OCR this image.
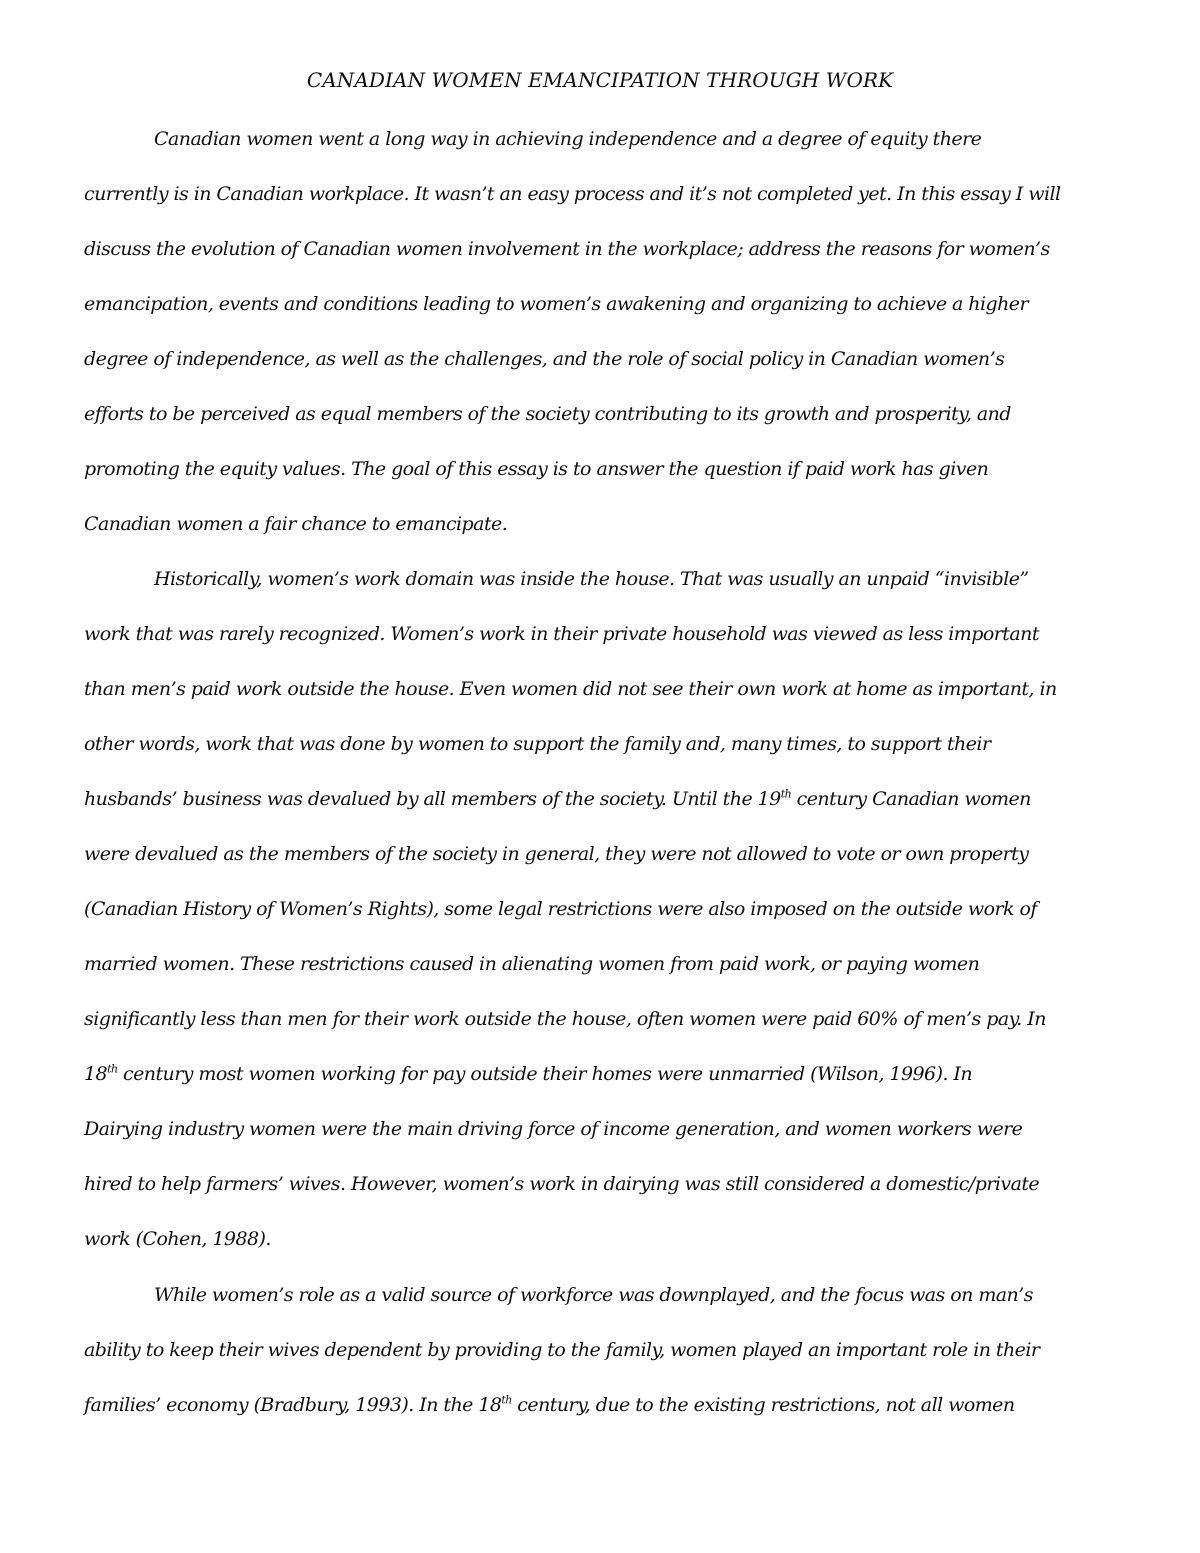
CANADIAN WOMEN EMANCIPATION THROUGH WORK

Canadian women went a long way in achieving independence and a degree of equity there

currently is in Canadian workplace. It wasn’t an easy process and it’s not completed yet. In this essay I will

discuss the evolution of Canadian women involvement in the workplace; address the reasons for women’s

emancipation, events and conditions leading to women’s awakening and organizing to achieve a higher

degree of independence, as well as the challenges, and the role of social policy in Canadian women’s

efforts to be perceived as equal members of the society contributing to its growth and prosperity, and

promoting the equity values. The goal of this essay is to answer the question if paid work has given

Canadian women a fair chance to emancipate.

Historically, women’s work domain was inside the house. That was usually an unpaid “invisible”

work that was rarely recognized. Women’s work in their private household was viewed as less important

than men’s paid work outside the house. Even women did not see their own work at home as important, in

other words, work that was done by women to support the family and, many times, to support their

husbands’ business was devalued by all members of the society. Until the 19th century Canadian women

were devalued as the members of the society in general, they were not allowed to vote or own property

(Canadian History of Women’s Rights), some legal restrictions were also imposed on the outside work of

married women. These restrictions caused in alienating women from paid work, or paying women

significantly less than men for their work outside the house, often women were paid 60% of men’s pay. In

18th century most women working for pay outside their homes were unmarried (Wilson, 1996). In

Dairying industry women were the main driving force of income generation, and women workers were

hired to help farmers’ wives. However, women’s work in dairying was still considered a domestic/private

work (Cohen, 1988).

While women’s role as a valid source of workforce was downplayed, and the focus was on man’s

ability to keep their wives dependent by providing to the family, women played an important role in their

families’ economy (Bradbury, 1993). In the 18th century, due to the existing restrictions, not all women
